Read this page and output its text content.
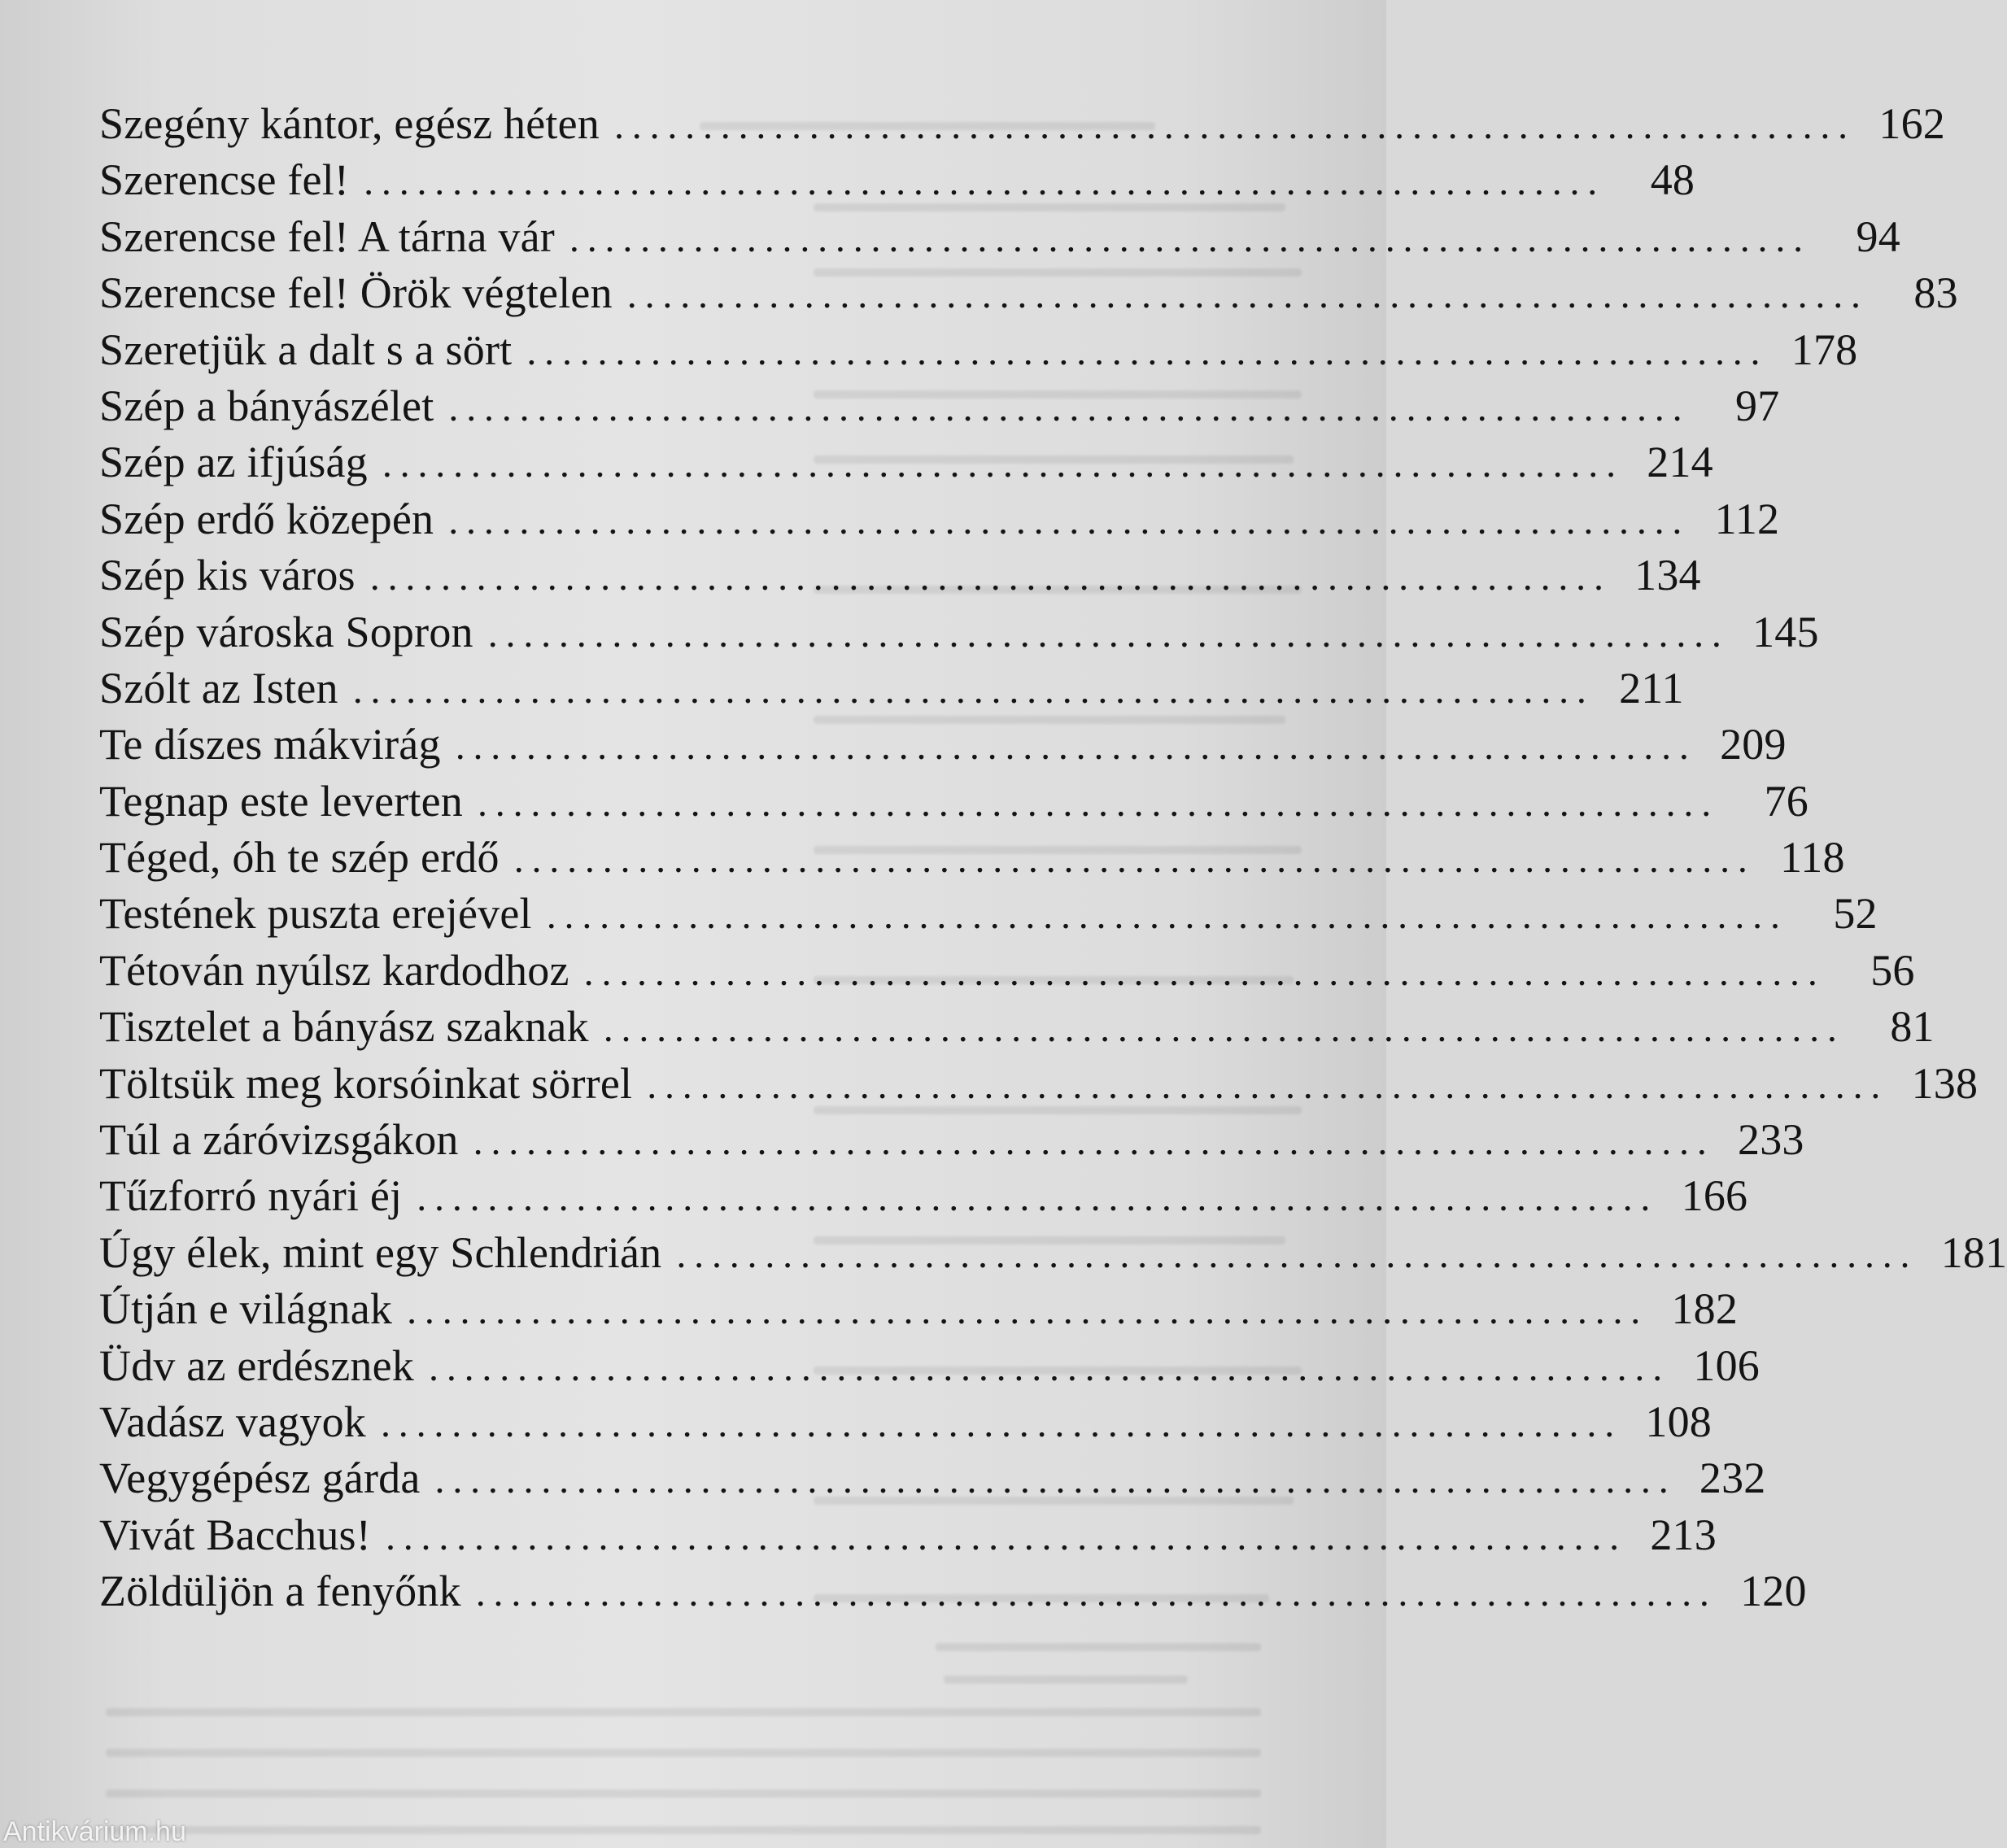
Szegény kántor, egész héten ...................................................................... 162
Szerencse fel! ......................................................................	48
Szerencse fel! A tárna vár ......................................................................	94
Szerencse fel! Örök végtelen ......................................................................	83
Szeretjük a dalt s a sört ...................................................................... 178
Szép a bányászélet ......................................................................	97
Szép az ifjúság ...................................................................... 214
Szép erdő közepén ...................................................................... 112
Szép kis város ...................................................................... 134
Szép városka Sopron ...................................................................... 145
Szólt az Isten ...................................................................... 211
Te díszes mákvirág ...................................................................... 209
Tegnap este leverten ......................................................................	76
Téged, óh te szép erdő ...................................................................... 118
Testének puszta erejével ......................................................................	52
Tétován nyúlsz kardodhoz ......................................................................	56
Tisztelet a bányász szaknak ......................................................................	81
Töltsük meg korsóinkat sörrel ...................................................................... 138
Túl a záróvizsgákon ...................................................................... 233
Tűzforró nyári éj ...................................................................... 166
Úgy élek, mint egy Schlendrián ...................................................................... 181
Útján e világnak ...................................................................... 182
Üdv az erdésznek ...................................................................... 106
Vadász vagyok ...................................................................... 108
Vegygépész gárda ...................................................................... 232
Vivát Bacchus! ...................................................................... 213
Zöldüljön a fenyőnk ...................................................................... 120
Antikvárium.hu
